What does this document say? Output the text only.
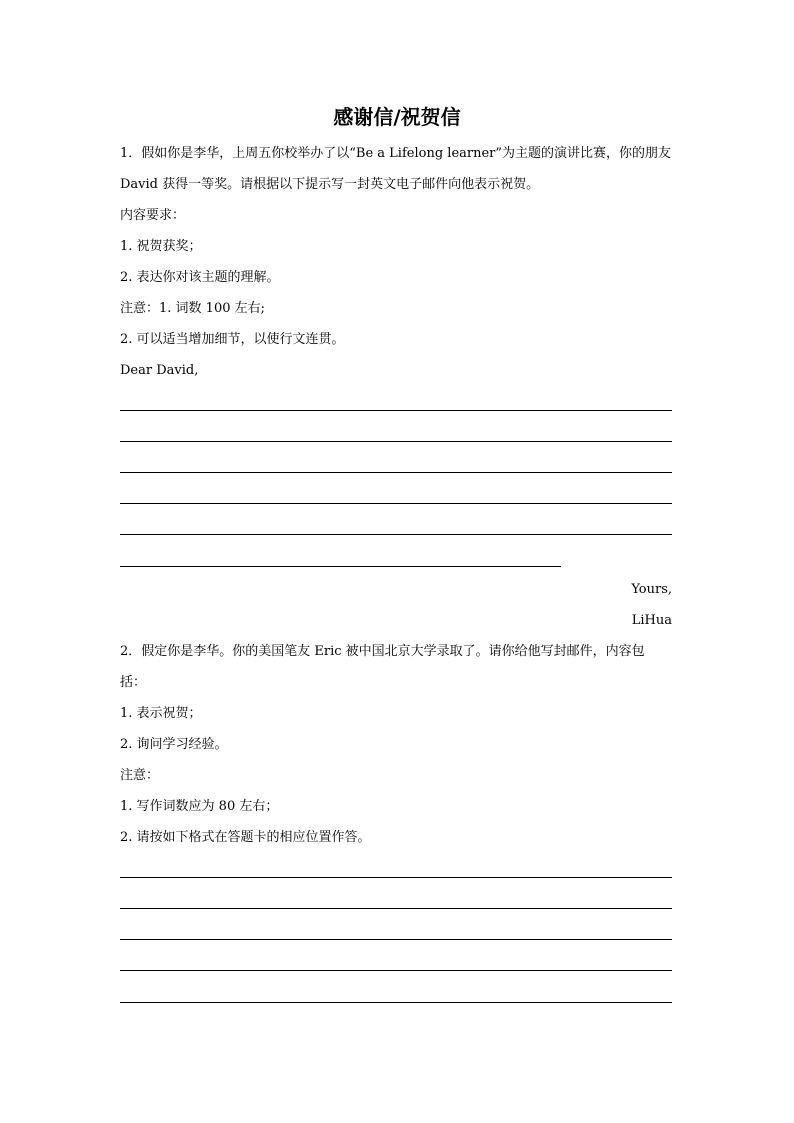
感谢信/祝贺信
1．假如你是李华，上周五你校举办了以“Be a Lifelong learner”为主题的演讲比赛，你的朋友
David 获得一等奖。请根据以下提示写一封英文电子邮件向他表示祝贺。
内容要求：
1. 祝贺获奖；
2. 表达你对该主题的理解。
注意：1. 词数 100 左右;
2. 可以适当增加细节，以使行文连贯。
Dear David,
Yours,
LiHua
2．假定你是李华。你的美国笔友 Eric 被中国北京大学录取了。请你给他写封邮件，内容包
括：
1. 表示祝贺；
2. 询问学习经验。
注意：
1. 写作词数应为 80 左右；
2. 请按如下格式在答题卡的相应位置作答。
